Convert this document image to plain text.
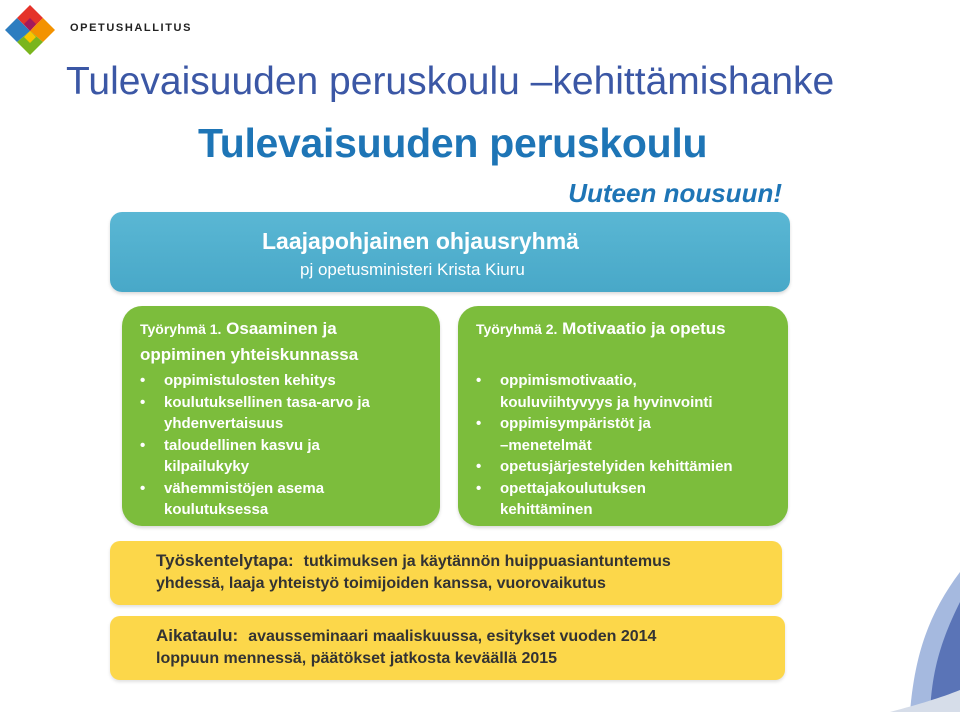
OPETUSHALLITUS
Tulevaisuuden peruskoulu –kehittämishanke
Tulevaisuuden peruskoulu
Uuteen nousuun!
Laajapohjainen ohjausryhmä
pj opetusministeri Krista Kiuru
Työryhmä 1. Osaaminen ja
oppiminen yhteiskunnassa
• oppimistulosten kehitys
• koulutuksellinen tasa-arvo ja
yhdenvertaisuus
• taloudellinen kasvu ja
kilpailukyky
• vähemmistöjen asema
koulutuksessa
Työryhmä 2. Motivaatio ja opetus
• oppimismotivaatio,
kouluviihtyvyys ja hyvinvointi
• oppimisympäristöt ja
–menetelmät
• opetusjärjestelyiden kehittämien
• opettajakoulutuksen
kehittäminen
Työskentelytapa: tutkimuksen ja käytännön huippuasiantuntemus
yhdessä, laaja yhteistyö toimijoiden kanssa, vuorovaikutus
Aikataulu: avausseminaari maaliskuussa, esitykset vuoden 2014
loppuun mennessä, päätökset jatkosta keväällä 2015
